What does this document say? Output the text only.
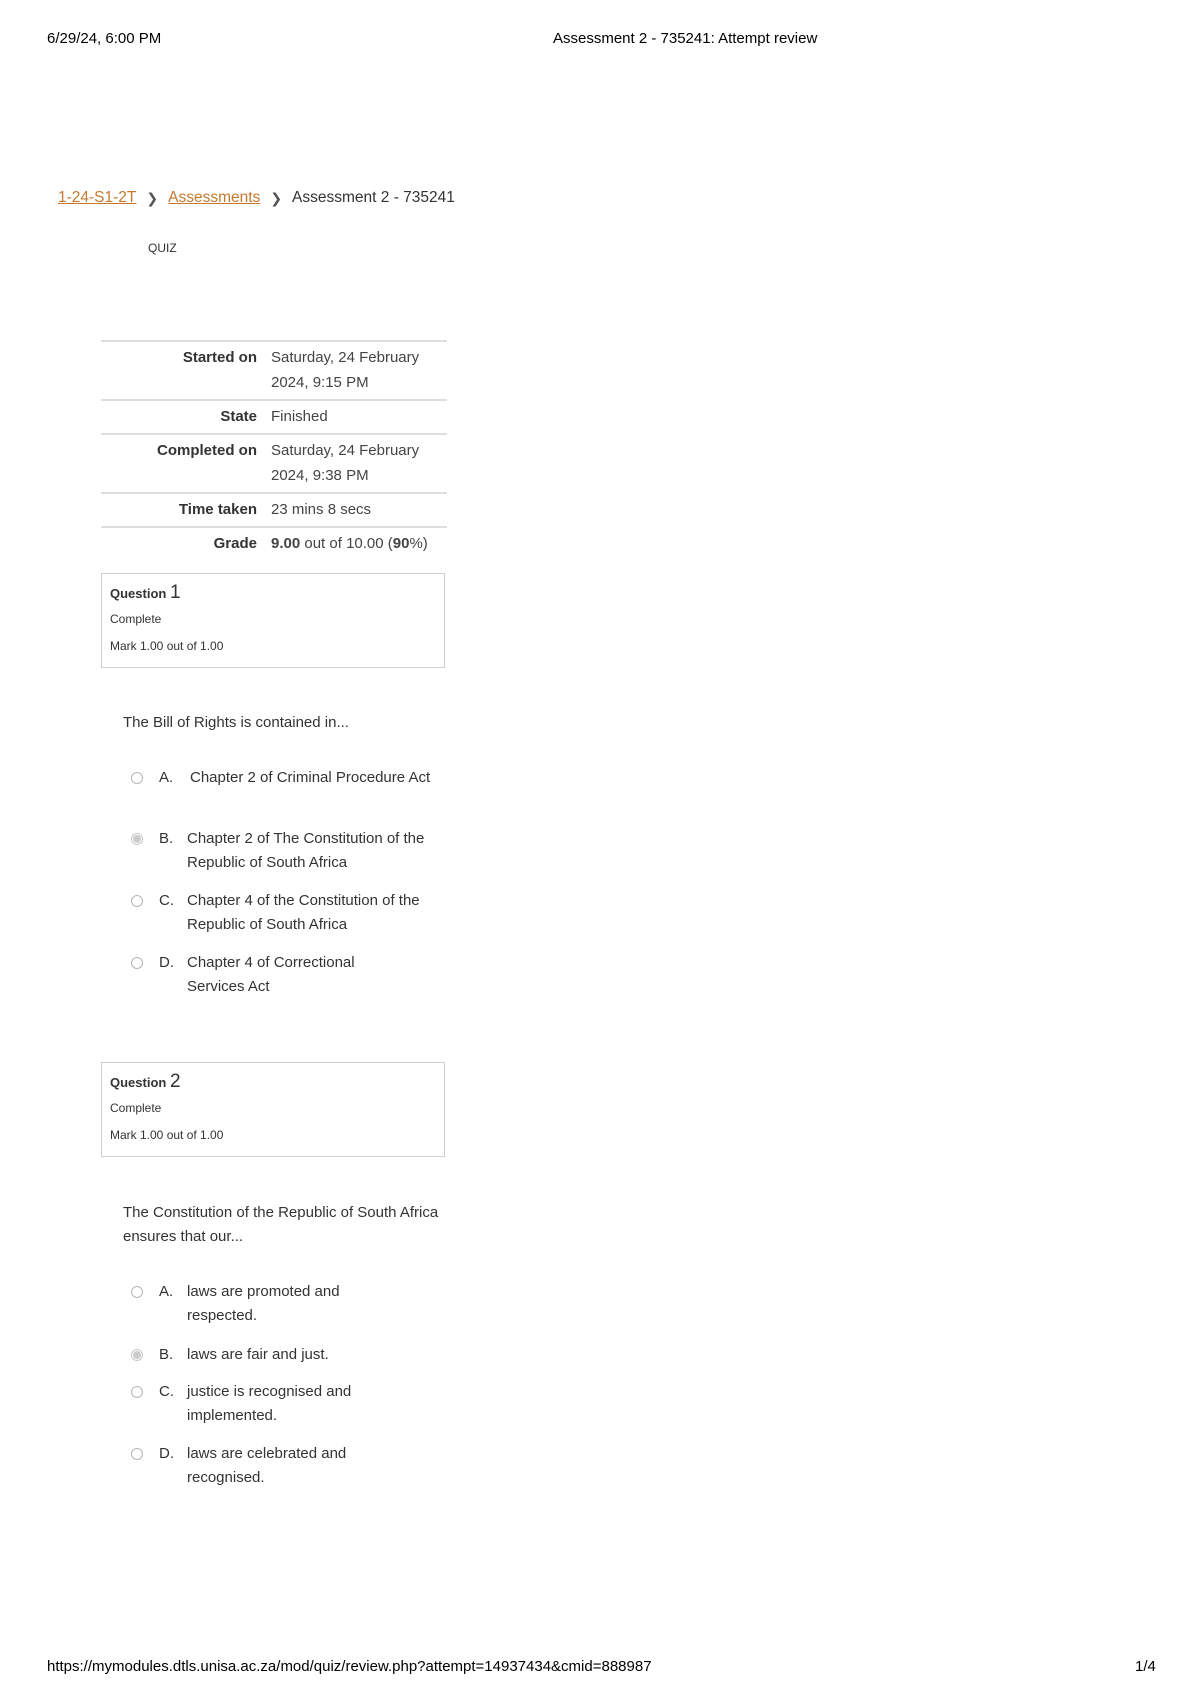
6/29/24, 6:00 PM	Assessment 2 - 735241: Attempt review
1-24-S1-2T ❯ Assessments ❯ Assessment 2 - 735241
QUIZ
Started on	Saturday, 24 February 2024, 9:15 PM
State	Finished
Completed on	Saturday, 24 February 2024, 9:38 PM
Time taken	23 mins 8 secs
Grade	9.00 out of 10.00 (90%)
Question 1
Complete
Mark 1.00 out of 1.00
The Bill of Rights is contained in...
A.	Chapter 2 of Criminal Procedure Act
B. Chapter 2 of The Constitution of the Republic of South Africa
C. Chapter 4 of the Constitution of the Republic of South Africa
D. Chapter 4 of Correctional Services Act
Question 2
Complete
Mark 1.00 out of 1.00
The Constitution of the Republic of South Africa ensures that our...
A. laws are promoted and respected.
B. laws are fair and just.
C. justice is recognised and implemented.
D. laws are celebrated and recognised.
https://mymodules.dtls.unisa.ac.za/mod/quiz/review.php?attempt=14937434&cmid=888987	1/4
